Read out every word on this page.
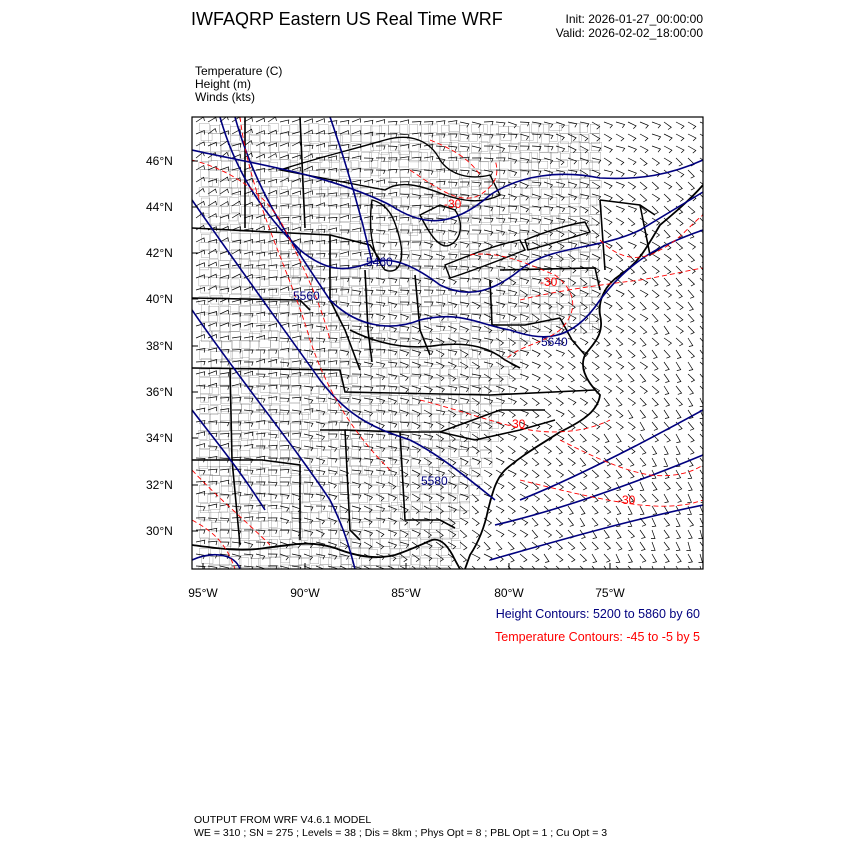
IWFAQRP Eastern US Real Time WRF	Init: 2026-01-27_00:00:00
Valid: 2026-02-02_18:00:00
Temperature (C)
Height (m)
Winds (kts)
5460
5560
5640
5580
-30
-30
-30
-30
46°N
44°N
42°N
40°N
38°N
36°N
34°N
32°N
30°N
95°W	90°W	85°W	80°W	75°W
Height Contours: 5200 to 5860 by 60
Temperature Contours: -45 to -5 by 5
OUTPUT FROM WRF V4.6.1 MODEL
WE = 310 ; SN = 275 ; Levels = 38 ; Dis = 8km ; Phys Opt = 8 ; PBL Opt = 1 ; Cu Opt = 3
